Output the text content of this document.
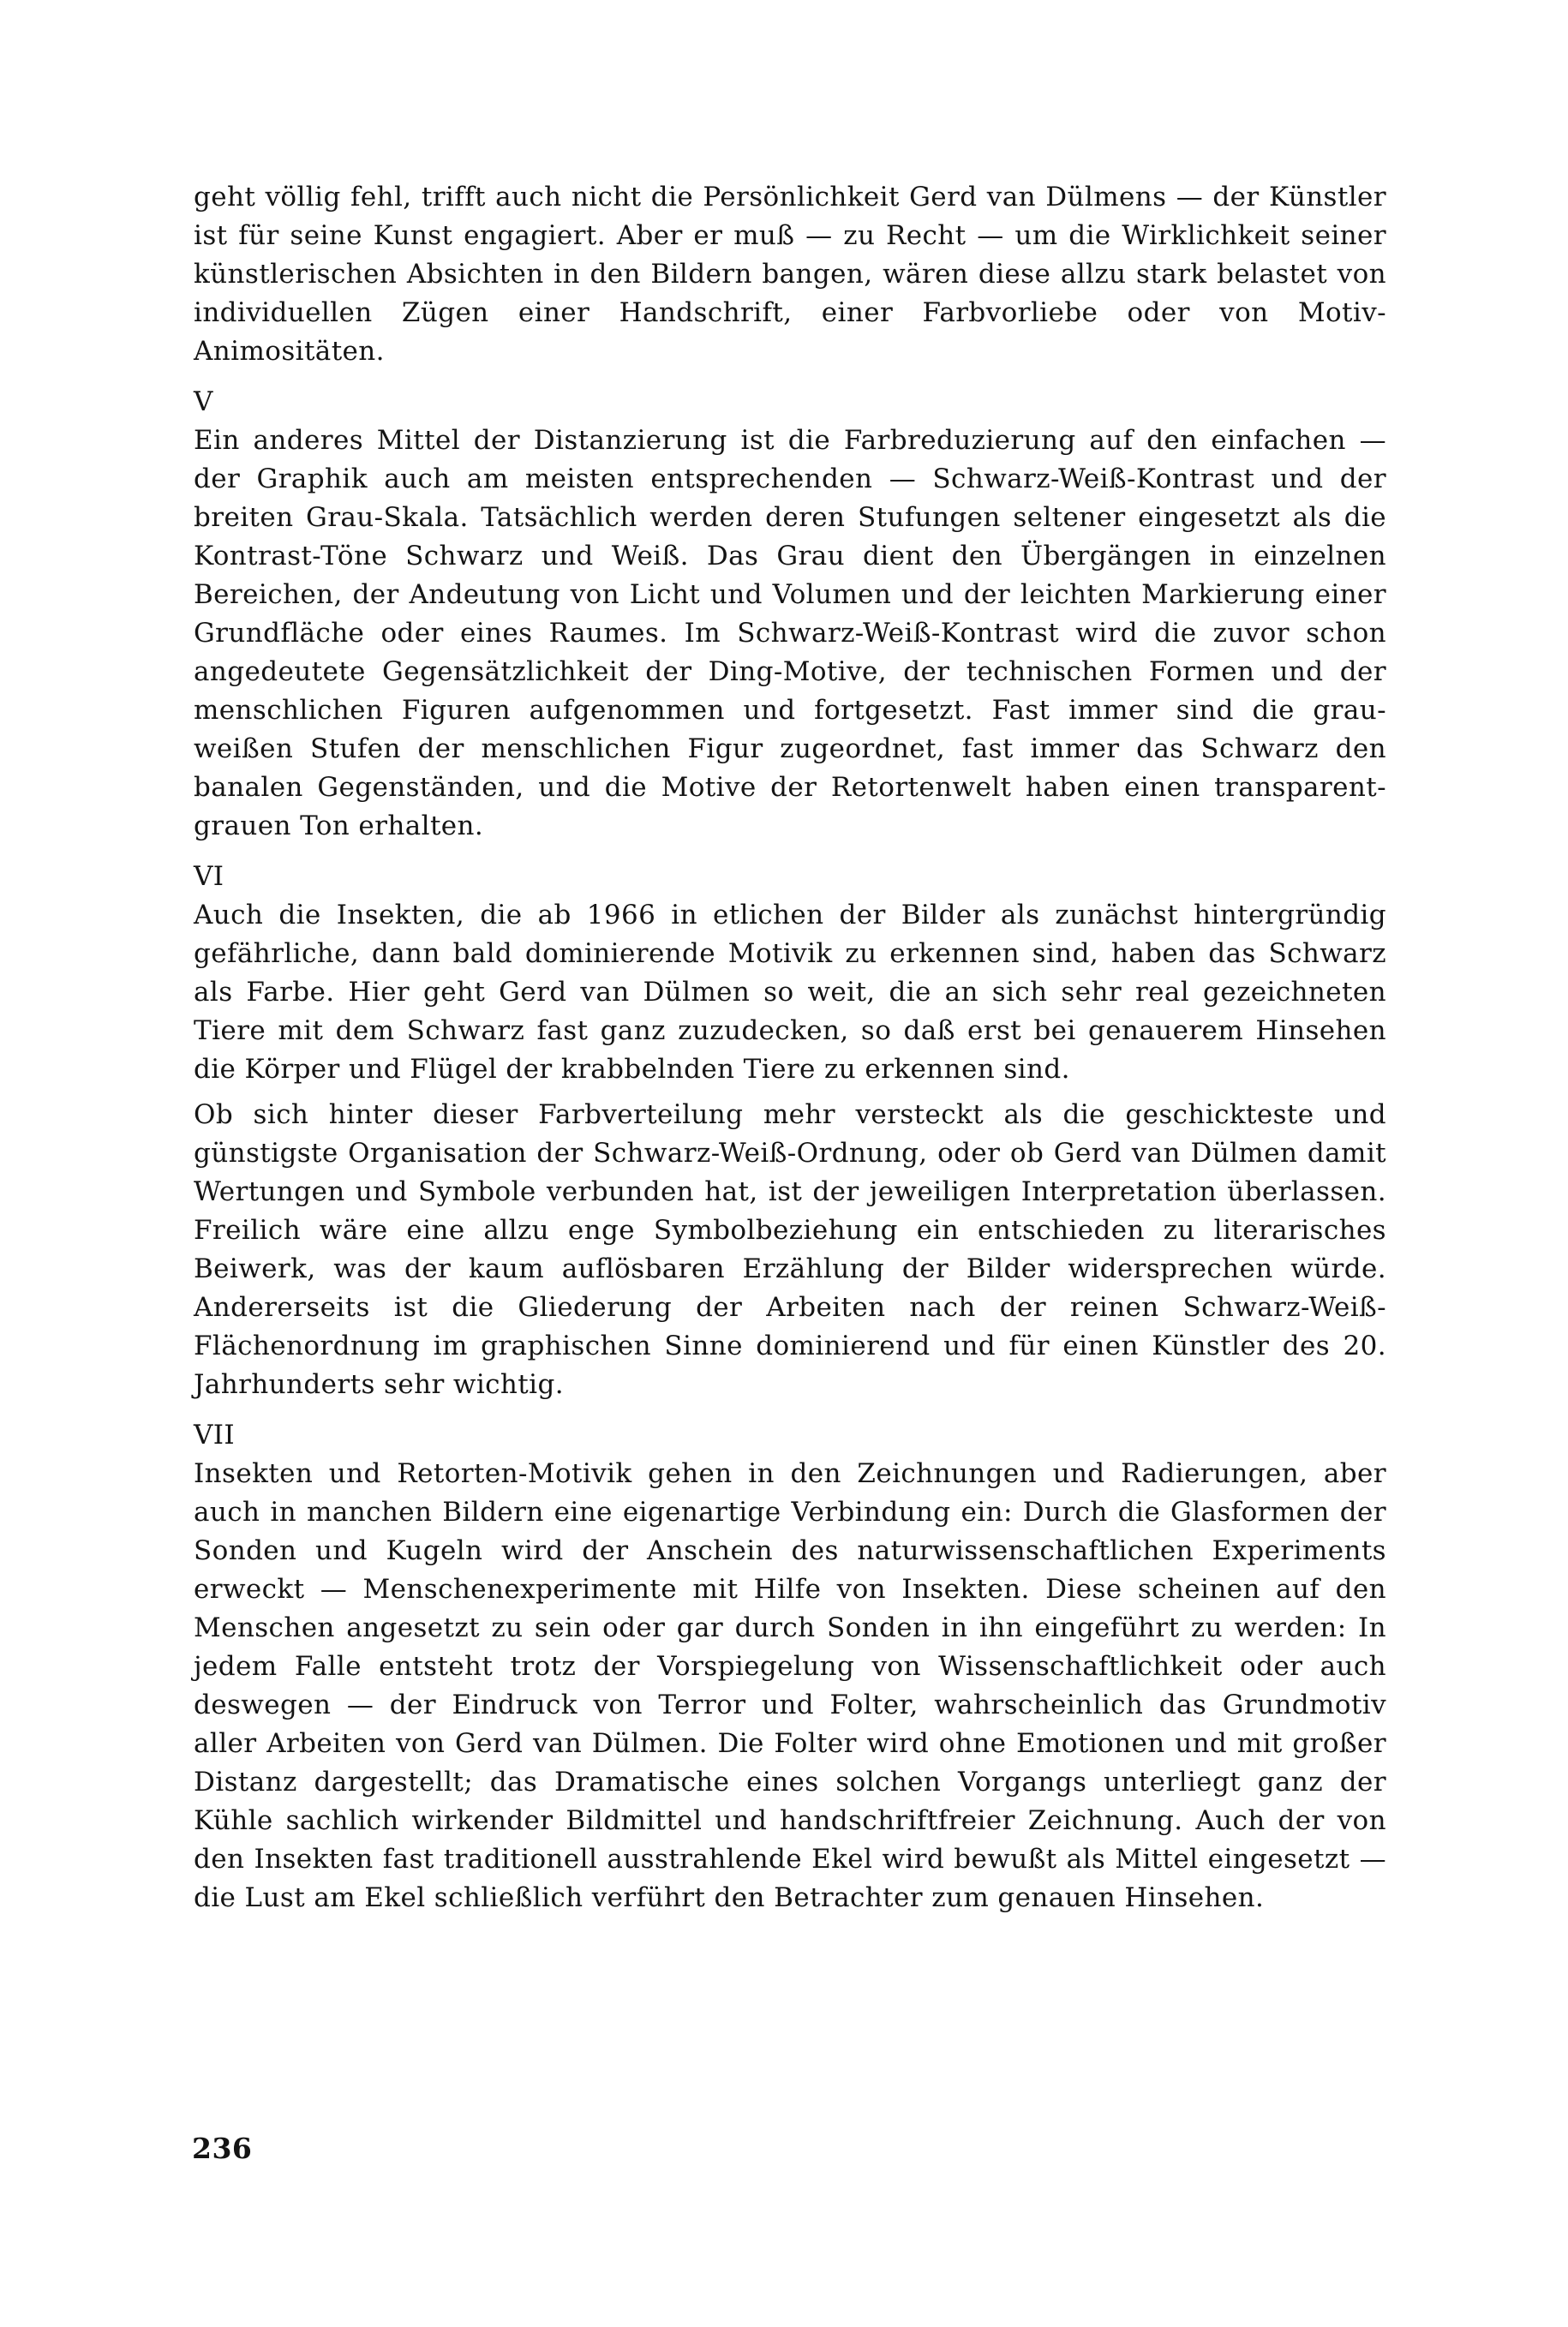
geht völlig fehl, trifft auch nicht die Persönlichkeit Gerd van Dülmens — der Künstler ist für seine Kunst engagiert. Aber er muß — zu Recht — um die Wirklichkeit seiner künstlerischen Absichten in den Bildern bangen, wären diese allzu stark belastet von individuellen Zügen einer Handschrift, einer Farbvorliebe oder von Motiv-Animositäten.

V

Ein anderes Mittel der Distanzierung ist die Farbreduzierung auf den einfachen — der Graphik auch am meisten entsprechenden — Schwarz-Weiß-Kontrast und der breiten Grau-Skala. Tatsächlich werden deren Stufungen seltener eingesetzt als die Kontrast-Töne Schwarz und Weiß. Das Grau dient den Übergängen in einzelnen Bereichen, der Andeutung von Licht und Volumen und der leichten Markierung einer Grundfläche oder eines Raumes. Im Schwarz-Weiß-Kontrast wird die zuvor schon angedeutete Gegensätzlichkeit der Ding-Motive, der technischen Formen und der menschlichen Figuren aufgenommen und fortgesetzt. Fast immer sind die grau-weißen Stufen der menschlichen Figur zugeordnet, fast immer das Schwarz den banalen Gegenständen, und die Motive der Retortenwelt haben einen transparent-grauen Ton erhalten.

VI

Auch die Insekten, die ab 1966 in etlichen der Bilder als zunächst hintergründig gefährliche, dann bald dominierende Motivik zu erkennen sind, haben das Schwarz als Farbe. Hier geht Gerd van Dülmen so weit, die an sich sehr real gezeichneten Tiere mit dem Schwarz fast ganz zuzudecken, so daß erst bei genauerem Hinsehen die Körper und Flügel der krabbelnden Tiere zu erkennen sind.

Ob sich hinter dieser Farbverteilung mehr versteckt als die geschickteste und günstigste Organisation der Schwarz-Weiß-Ordnung, oder ob Gerd van Dülmen damit Wertungen und Symbole verbunden hat, ist der jeweiligen Interpretation überlassen. Freilich wäre eine allzu enge Symbolbeziehung ein entschieden zu literarisches Beiwerk, was der kaum auflösbaren Erzählung der Bilder widersprechen würde. Andererseits ist die Gliederung der Arbeiten nach der reinen Schwarz-Weiß-Flächenordnung im graphischen Sinne dominierend und für einen Künstler des 20. Jahrhunderts sehr wichtig.

VII

Insekten und Retorten-Motivik gehen in den Zeichnungen und Radierungen, aber auch in manchen Bildern eine eigenartige Verbindung ein: Durch die Glasformen der Sonden und Kugeln wird der Anschein des naturwissenschaftlichen Experiments erweckt — Menschenexperimente mit Hilfe von Insekten. Diese scheinen auf den Menschen angesetzt zu sein oder gar durch Sonden in ihn eingeführt zu werden: In jedem Falle entsteht trotz der Vorspiegelung von Wissenschaftlichkeit oder auch deswegen — der Eindruck von Terror und Folter, wahrscheinlich das Grundmotiv aller Arbeiten von Gerd van Dülmen. Die Folter wird ohne Emotionen und mit großer Distanz dargestellt; das Dramatische eines solchen Vorgangs unterliegt ganz der Kühle sachlich wirkender Bildmittel und handschriftfreier Zeichnung. Auch der von den Insekten fast traditionell ausstrahlende Ekel wird bewußt als Mittel eingesetzt — die Lust am Ekel schließlich verführt den Betrachter zum genauen Hinsehen.

236
